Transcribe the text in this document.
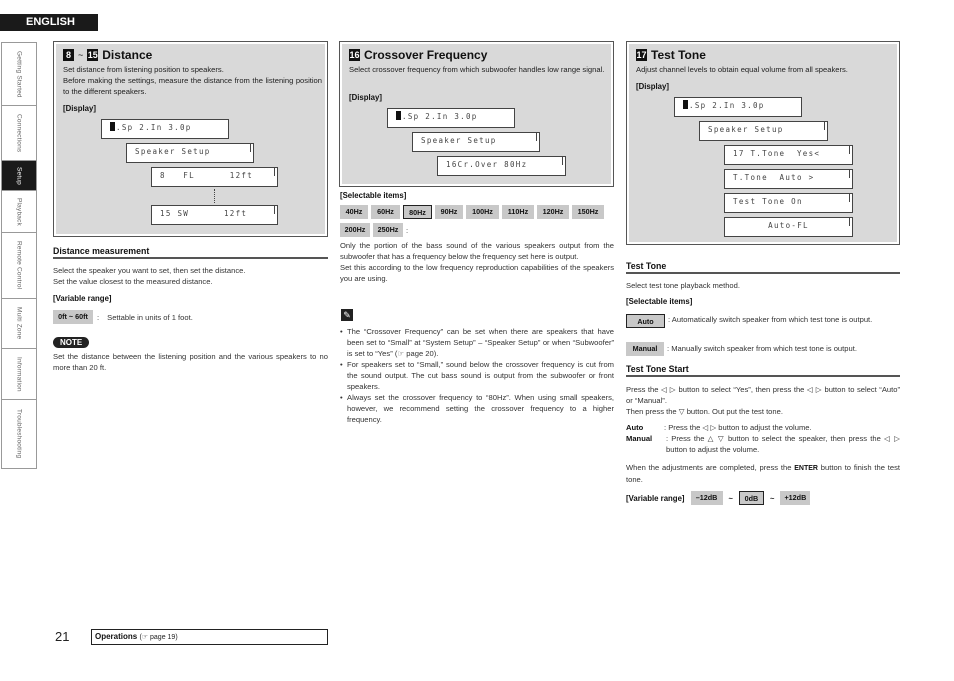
ENGLISH
Getting Started
Connections
Setup
Playback
Remote Control
Multi Zone
Information
Troubleshooting
8 ~ 15 Distance
Set distance from listening position to speakers.
Before making the settings, measure the distance from the listening position to the different speakers.
[Display]
.Sp 2.In 3.0p
Speaker Setup
8   FL      12ft
15 SW      12ft
Distance measurement
Select the speaker you want to set, then set the distance.
Set the value closest to the measured distance.
[Variable range]
0ft ~ 60ft	: Settable in units of 1 foot.
NOTE
Set the distance between the listening position and the various speakers to no more than 20 ft.
16 Crossover Frequency
Select crossover frequency from which subwoofer handles low range signal.
[Display]
.Sp 2.In 3.0p
Speaker Setup
16Cr.Over 80Hz
[Selectable items]
40Hz	60Hz	80Hz	90Hz	100Hz	110Hz	120Hz	150Hz
200Hz	250Hz	:
Only the portion of the bass sound of the various speakers output from the subwoofer that has a frequency below the frequency set here is output.
Set this according to the low frequency reproduction capabilities of the speakers you are using.
✎
• The “Crossover Frequency” can be set when there are speakers that have been set to “Small” at “System Setup” – “Speaker Setup” or when “Subwoofer” is set to “Yes” (☞ page 20).
• For speakers set to “Small,” sound below the crossover frequency is cut from the sound output. The cut bass sound is output from the subwoofer or front speakers.
• Always set the crossover frequency to “80Hz”. When using small speakers, however, we recommend setting the crossover frequency to a higher frequency.
17 Test Tone
Adjust channel levels to obtain equal volume from all speakers.
[Display]
.Sp 2.In 3.0p
Speaker Setup
17 T.Tone  Yes<
T.Tone  Auto >
Test Tone On
Auto-FL
Test Tone
Select test tone playback method.
[Selectable items]
Auto	: Automatically switch speaker from which test tone is output.
Manual	: Manually switch speaker from which test tone is output.
Test Tone Start
Press the ◁ ▷ button to select “Yes”, then press the ◁ ▷ button to select “Auto” or “Manual”.
Then press the ▽ button. Out put the test tone.
Auto	: Press the ◁ ▷ button to adjust the volume.
Manual	: Press the △ ▽ button to select the speaker, then press the ◁ ▷ button to adjust the volume.
When the adjustments are completed, press the ENTER button to finish the test tone.
[Variable range]	–12dB	~	0dB	~	+12dB
21	Operations (☞ page 19)
